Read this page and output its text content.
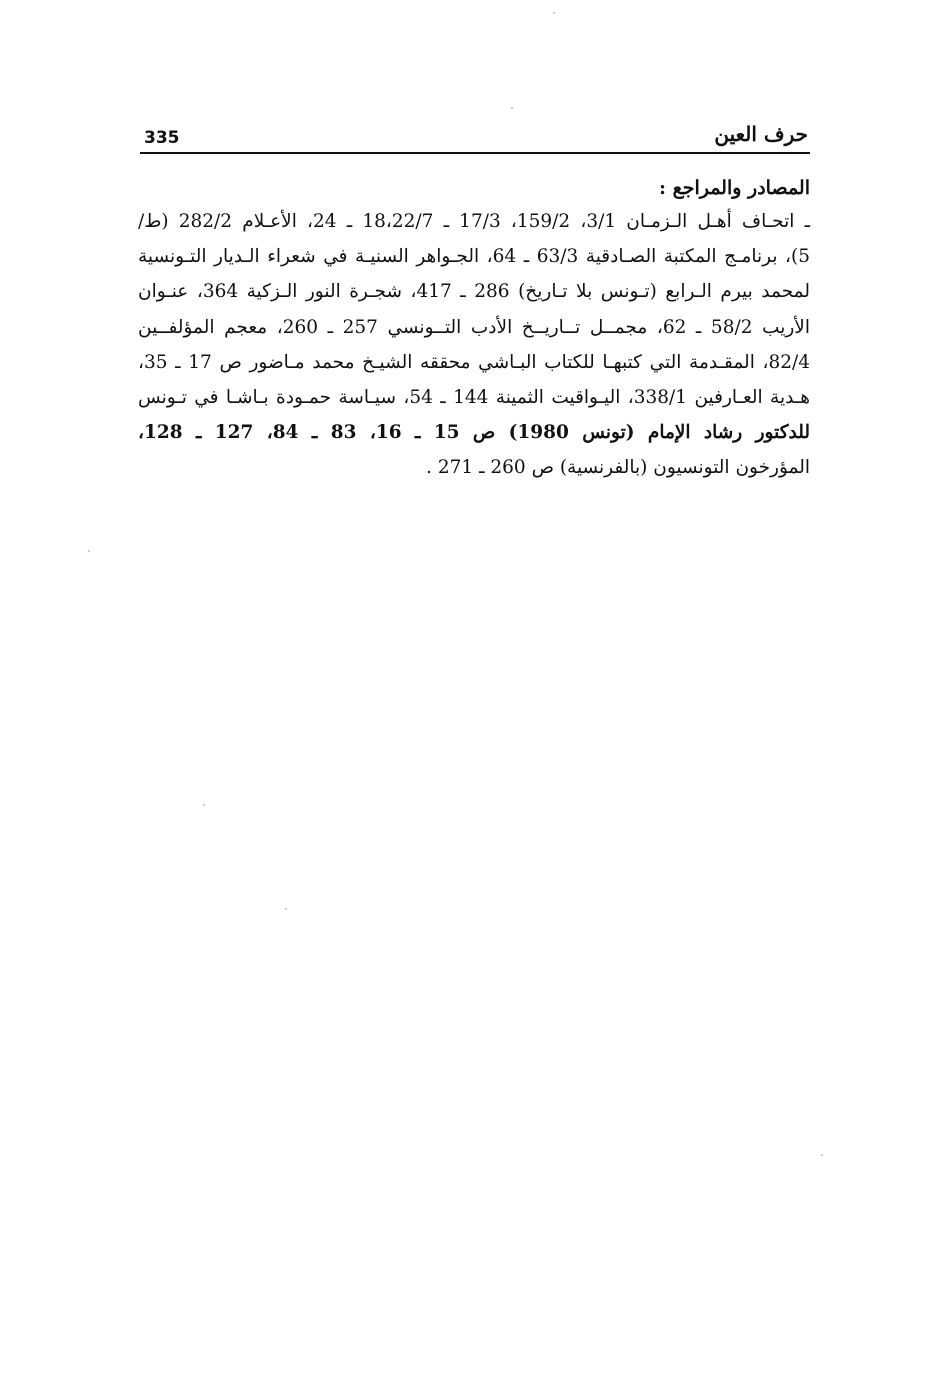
335	حرف العين

المصادر والمراجع :

ـ اتحـاف أهـل الـزمـان 3/1، 159/2، 17/3 ـ 18،22/7 ـ 24، الأعـلام 282/2 (ط/

5)، برنامـج المكتبة الصـادقية 63/3 ـ 64، الجـواهر السنيـة في شعراء الـديار التـونسية

لمحمد بيرم الـرابع (تـونس بلا تـاريخ) 286 ـ 417، شجـرة النور الـزكية 364، عنـوان

الأريب 58/2 ـ 62، مجمــل تــاريــخ الأدب التــونسي 257 ـ 260، معجم المؤلفــين

82/4، المقـدمة التي كتبهـا للكتاب البـاشي محققه الشيـخ محمد مـاضور ص 17 ـ 35،

هـدية العـارفين 338/1، اليـواقيت الثمينة 144 ـ 54، سيـاسة حمـودة بـاشـا في تـونس

للدكتور رشاد الإمام (تونس 1980) ص 15 ـ 16، 83 ـ 84، 127 ـ 128،

المؤرخون التونسيون (بالفرنسية) ص 260 ـ 271 .
